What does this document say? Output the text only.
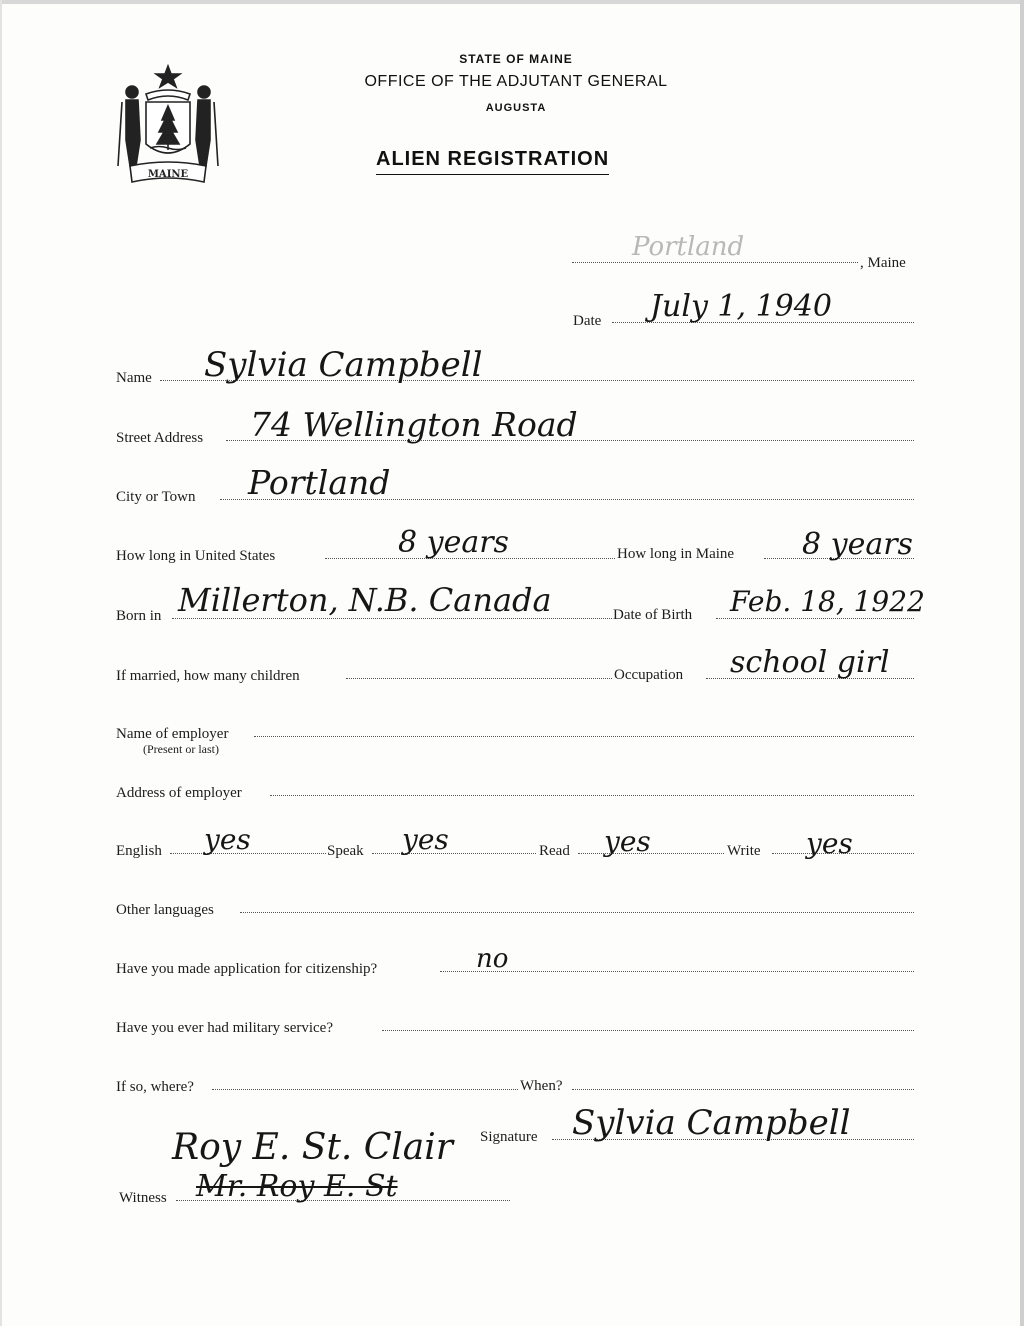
MAINE
STATE OF MAINE
OFFICE OF THE ADJUTANT GENERAL
AUGUSTA
ALIEN REGISTRATION
Portland
, Maine
Date July 1, 1940
Name Sylvia Campbell
Street Address 74 Wellington Road
City or Town Portland
How long in United States	8 years	How long in Maine 8 years
Born in Millerton, N.B. Canada	Date of Birth Feb. 18, 1922
If married, how many children	Occupation school girl
Name of employer
(Present or last)
Address of employer
English yes	Speak yes	Read yes	Write yes
Other languages
Have you made application for citizenship?	no
Have you ever had military service?
If so, where?	When?
Signature Sylvia Campbell
Roy E. St. Clair
Witness Mr. Roy E. St
